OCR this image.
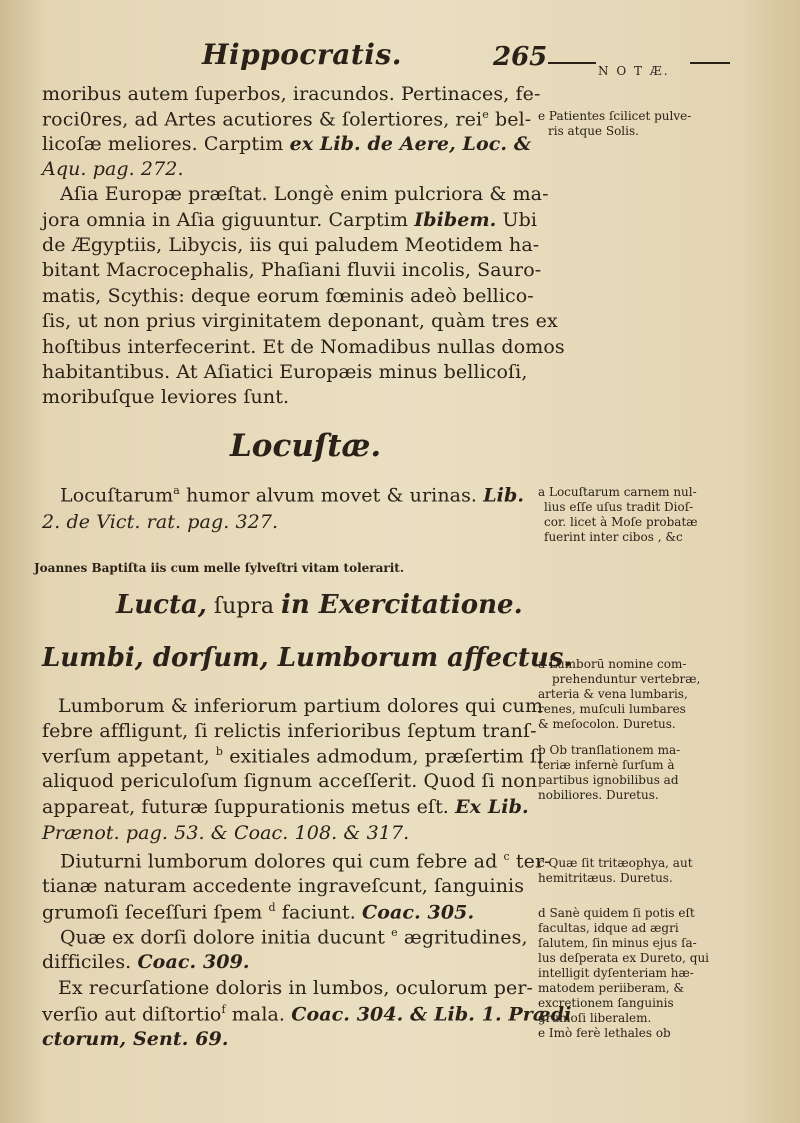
Hippocratis.	265	N O T Æ.
moribus autem ſuperbos, iracundos. Pertinaces, fe-
roci0res, ad Artes acutiores & ſolertiores, rei$^e$ bel-
licoſæ meliores. Carptim ex Lib. de Aere, Loc. &
Aqu. pag. 272.
Aſia Europæ præſtat. Longè enim pulcriora & ma-
jora omnia in Aſia giguuntur. Carptim Ibibem. Ubi
de Ægyptiis, Libycis, iis qui paludem Meotidem ha-
bitant Macrocephalis, Phaſiani fluvii incolis, Sauro-
matis, Scythis: deque eorum fœminis adeò bellico-
ſis, ut non prius virginitatem deponant, quàm tres ex
hoſtibus interfecerint. Et de Nomadibus nullas domos
habitantibus. At Aſiatici Europæis minus bellicoſi,
moribuſque leviores ſunt.
e Patientes ſcilicet pulve-
ris atque Solis.
Locuſtæ.
Locuſtarum$^a$ humor alvum movet & urinas. Lib.
2. de Vict. rat. pag. 327.
Joannes Baptiſta iis cum melle ſylveſtri vitam tolerarit.
a Locuſtarum carnem nul-
lius eſſe uſus tradit Dioſ-
cor. licet à Moſe probatæ
fuerint inter cibos , &c
Lucta, ſupra in Exercitatione.
Lumbi, dorſum, Lumborum affectus.
Lumborum & inferiorum partium dolores qui cum
febre affligunt, ſi relictis inferioribus ſeptum tranſ-
verſum appetant, $^b$ exitiales admodum, præſertim ſi
aliquod periculoſum ſignum acceſſerit. Quod ſi non
appareat, futuræ ſuppurationis metus eſt. Ex Lib.
Prænot. pag. 53. & Coac. 108. & 317.
Diuturni lumborum dolores qui cum febre ad $^c$ ter-
tianæ naturam accedente ingraveſcunt, ſanguinis
grumoſi ſeceſſuri ſpem $^d$ faciunt. Coac. 305.
Quæ ex dorſi dolore initia ducunt $^e$ ægritudines,
difficiles. Coac. 309.
Ex recurſatione doloris in lumbos, oculorum per-
verſio aut diſtortio$^f$ mala. Coac. 304. & Lib. 1. Prædi
ctorum, Sent. 69.
a Lumborū nomine com-
prehenduntur vertebræ,
arteria & vena lumbaris,
renes, muſculi lumbares
& meſocolon. Duretus.
b Ob tranſlationem ma-
teriæ infernè ſurſum à
partibus ignobilibus ad
nobiliores. Duretus.
c Quæ ſit tritæophya, aut
hemitritæus. Duretus.
d Sanè quidem ſi potis eſt
facultas, idque ad ægri
ſalutem, ſin minus ejus ſa-
lus deſperata ex Dureto, qui
intelligit dyſenteriam hæ-
matodem periiberam, &
excretionem ſanguinis
grumoſi liberalem.
e Imò ferè lethales ob
